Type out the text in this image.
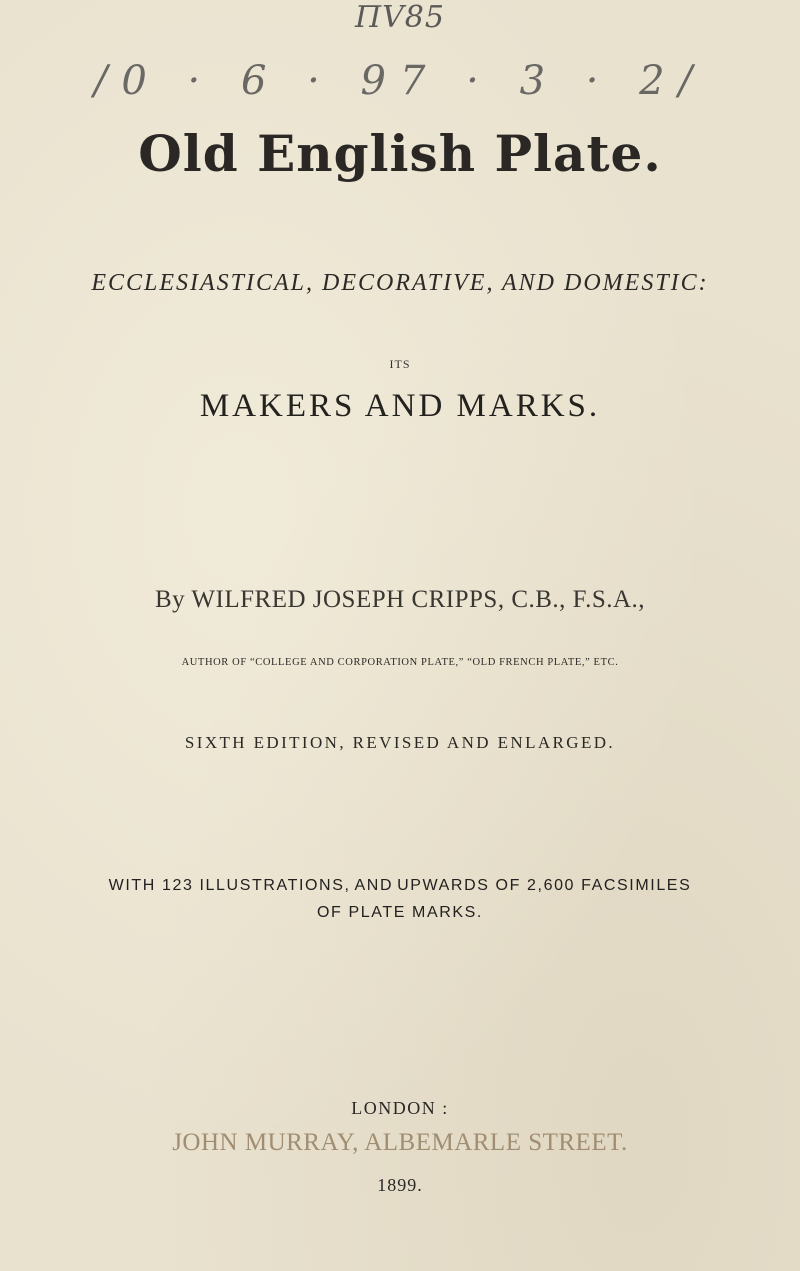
ΠV85
/0 · 6 · 97 · 3 · 2/
Old English Plate.
ECCLESIASTICAL, DECORATIVE, AND DOMESTIC:
ITS
MAKERS AND MARKS.
By WILFRED JOSEPH CRIPPS, C.B., F.S.A.,
AUTHOR OF “COLLEGE AND CORPORATION PLATE,” “OLD FRENCH PLATE,” ETC.
SIXTH EDITION, REVISED AND ENLARGED.
WITH 123 ILLUSTRATIONS, AND UPWARDS OF 2,600 FACSIMILES
OF PLATE MARKS.
LONDON :
JOHN MURRAY, ALBEMARLE STREET.
1899.
